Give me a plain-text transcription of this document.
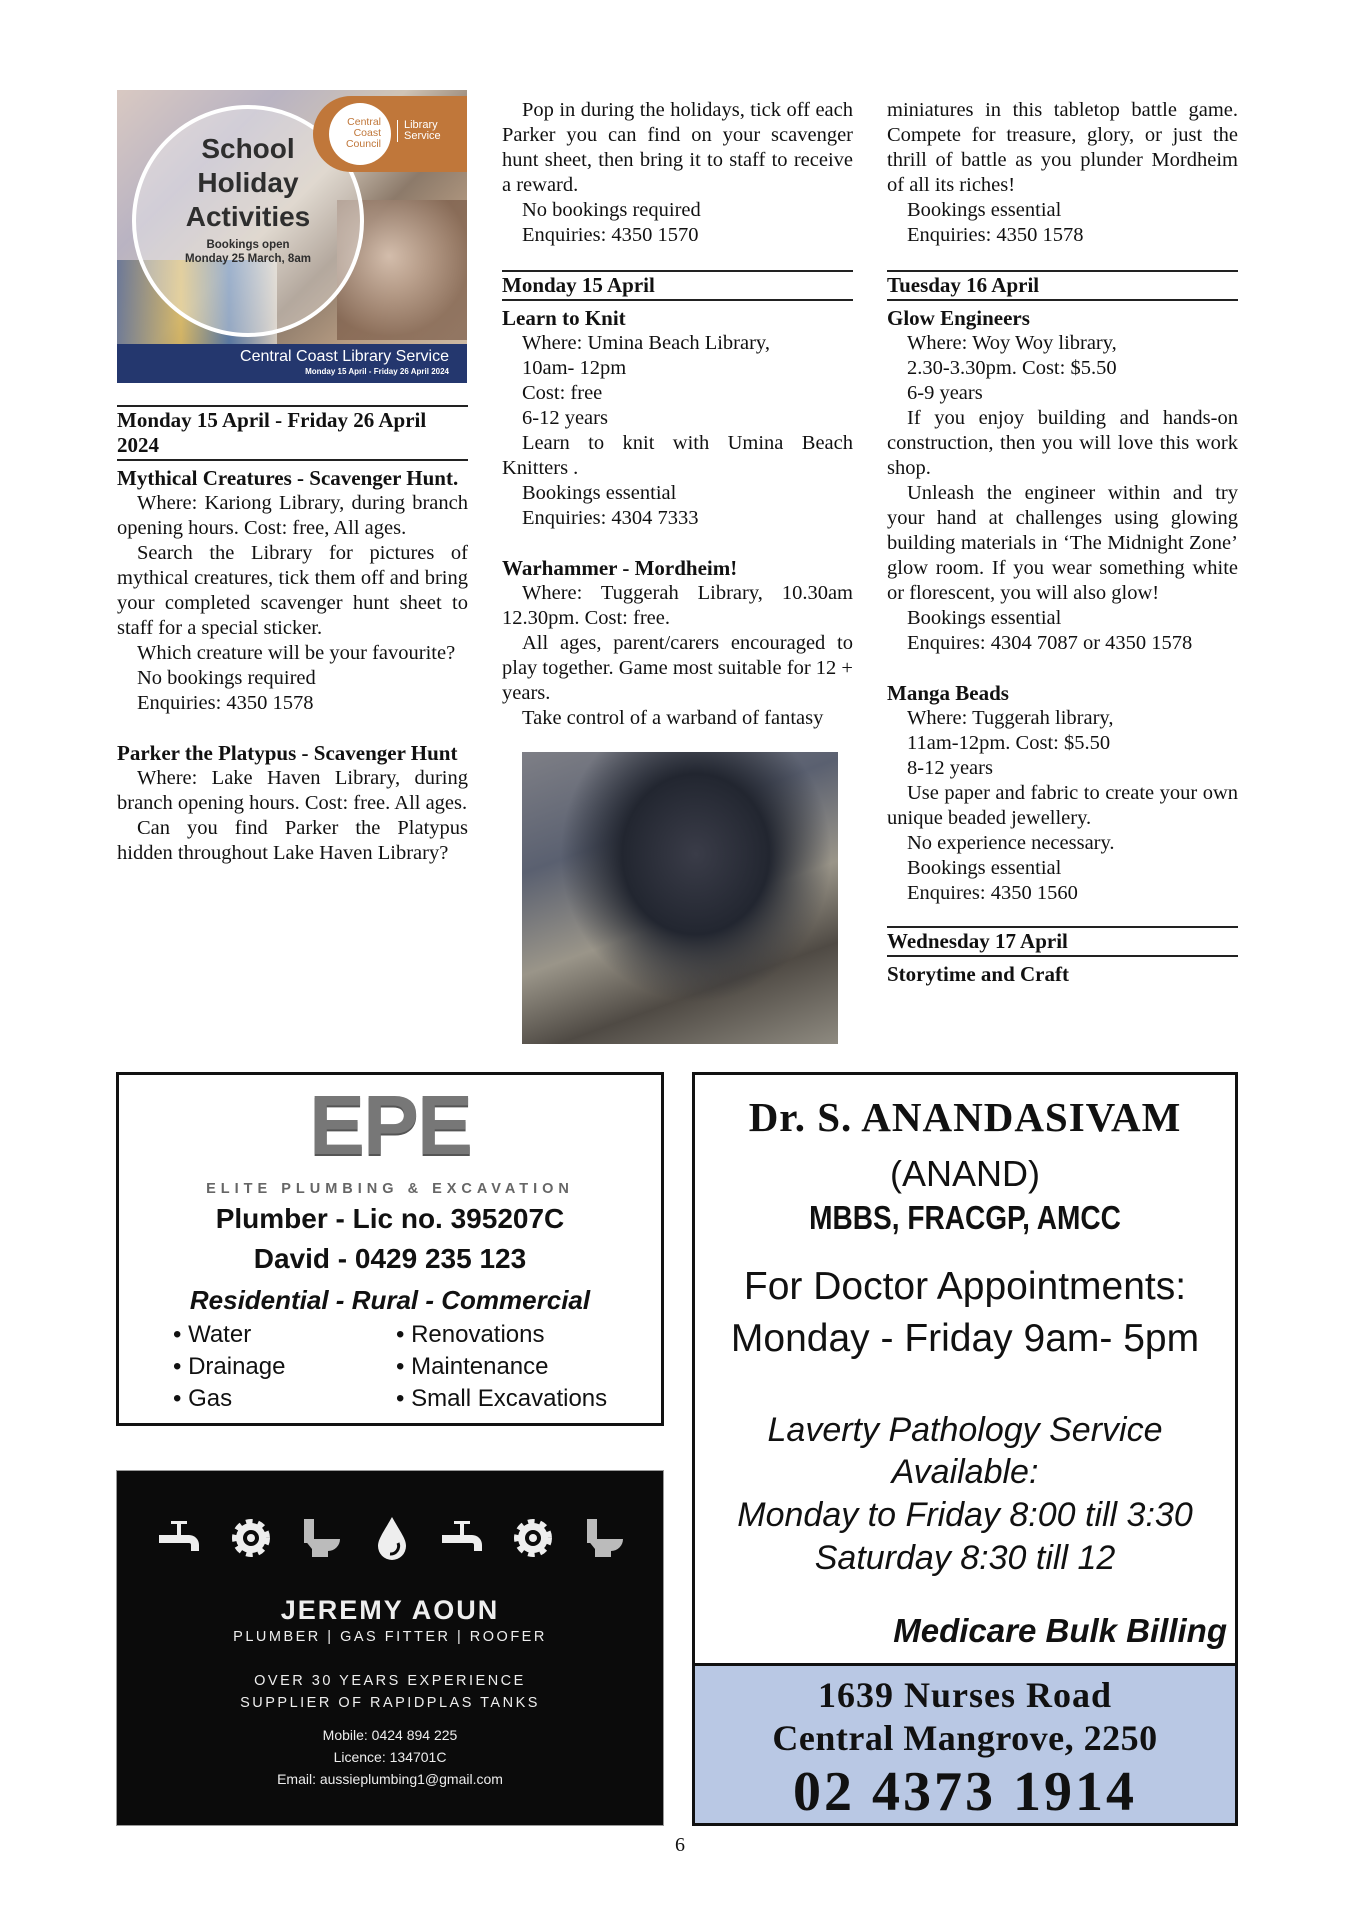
School
Holiday
Activities
Bookings open
Monday 25 March, 8am
Central Coast Council
Library Service
Central Coast Library Service
Monday 15 April - Friday 26 April 2024
Monday 15 April - Friday 26 April 2024
Mythical Creatures - Scavenger Hunt.
Where: Kariong Library, during branch opening hours. Cost: free, All ages.
Search the Library for pictures of mythical creatures, tick them off and bring your completed scavenger hunt sheet to staff for a special sticker.
Which creature will be your favourite?
No bookings required
Enquiries: 4350 1578
Parker the Platypus - Scavenger Hunt
Where: Lake Haven Library, during branch opening hours. Cost: free. All ages.
Can you find Parker the Platypus hidden throughout Lake Haven Library?
Pop in during the holidays, tick off each Parker you can find on your scavenger hunt sheet, then bring it to staff to receive a reward.
No bookings required
Enquiries: 4350 1570
Monday 15 April
Learn to Knit
Where: Umina Beach Library,
10am- 12pm
Cost: free
6-12 years
Learn to knit with Umina Beach Knitters .
Bookings essential
Enquiries: 4304 7333
Warhammer - Mordheim!
Where: Tuggerah Library, 10.30am 12.30pm. Cost: free.
All ages, parent/carers encouraged to play together. Game most suitable for 12 + years.
Take control of a warband of fantasy
miniatures in this tabletop battle game. Compete for treasure, glory, or just the thrill of battle as you plunder Mordheim of all its riches!
Bookings essential
Enquiries: 4350 1578
Tuesday 16 April
Glow Engineers
Where: Woy Woy library,
2.30-3.30pm. Cost: $5.50
6-9 years
If you enjoy building and hands-on construction, then you will love this work shop.
Unleash the engineer within and try your hand at challenges using glowing building materials in ‘The Midnight Zone’ glow room. If you wear something white or florescent, you will also glow!
Bookings essential
Enquires: 4304 7087 or 4350 1578
Manga Beads
Where: Tuggerah library,
11am-12pm. Cost: $5.50
8-12 years
Use paper and fabric to create your own unique beaded jewellery.
No experience necessary.
Bookings essential
Enquires: 4350 1560
Wednesday 17 April
Storytime and Craft
EPE
ELITE PLUMBING & EXCAVATION
Plumber - Lic no. 395207C
David - 0429 235 123
Residential - Rural - Commercial
• Water
• Drainage
• Gas
• Renovations
• Maintenance
• Small Excavations
JEREMY AOUN
PLUMBER | GAS FITTER | ROOFER
OVER 30 YEARS EXPERIENCE
SUPPLIER OF RAPIDPLAS TANKS
Mobile: 0424 894 225
Licence: 134701C
Email: aussieplumbing1@gmail.com
Dr. S. ANANDASIVAM
(ANAND)
MBBS, FRACGP, AMCC
For Doctor Appointments:
Monday - Friday 9am- 5pm
Laverty Pathology Service
Available:
Monday to Friday 8:00 till 3:30
Saturday 8:30 till 12
Medicare Bulk Billing
1639 Nurses Road
Central Mangrove, 2250
02 4373 1914
6
